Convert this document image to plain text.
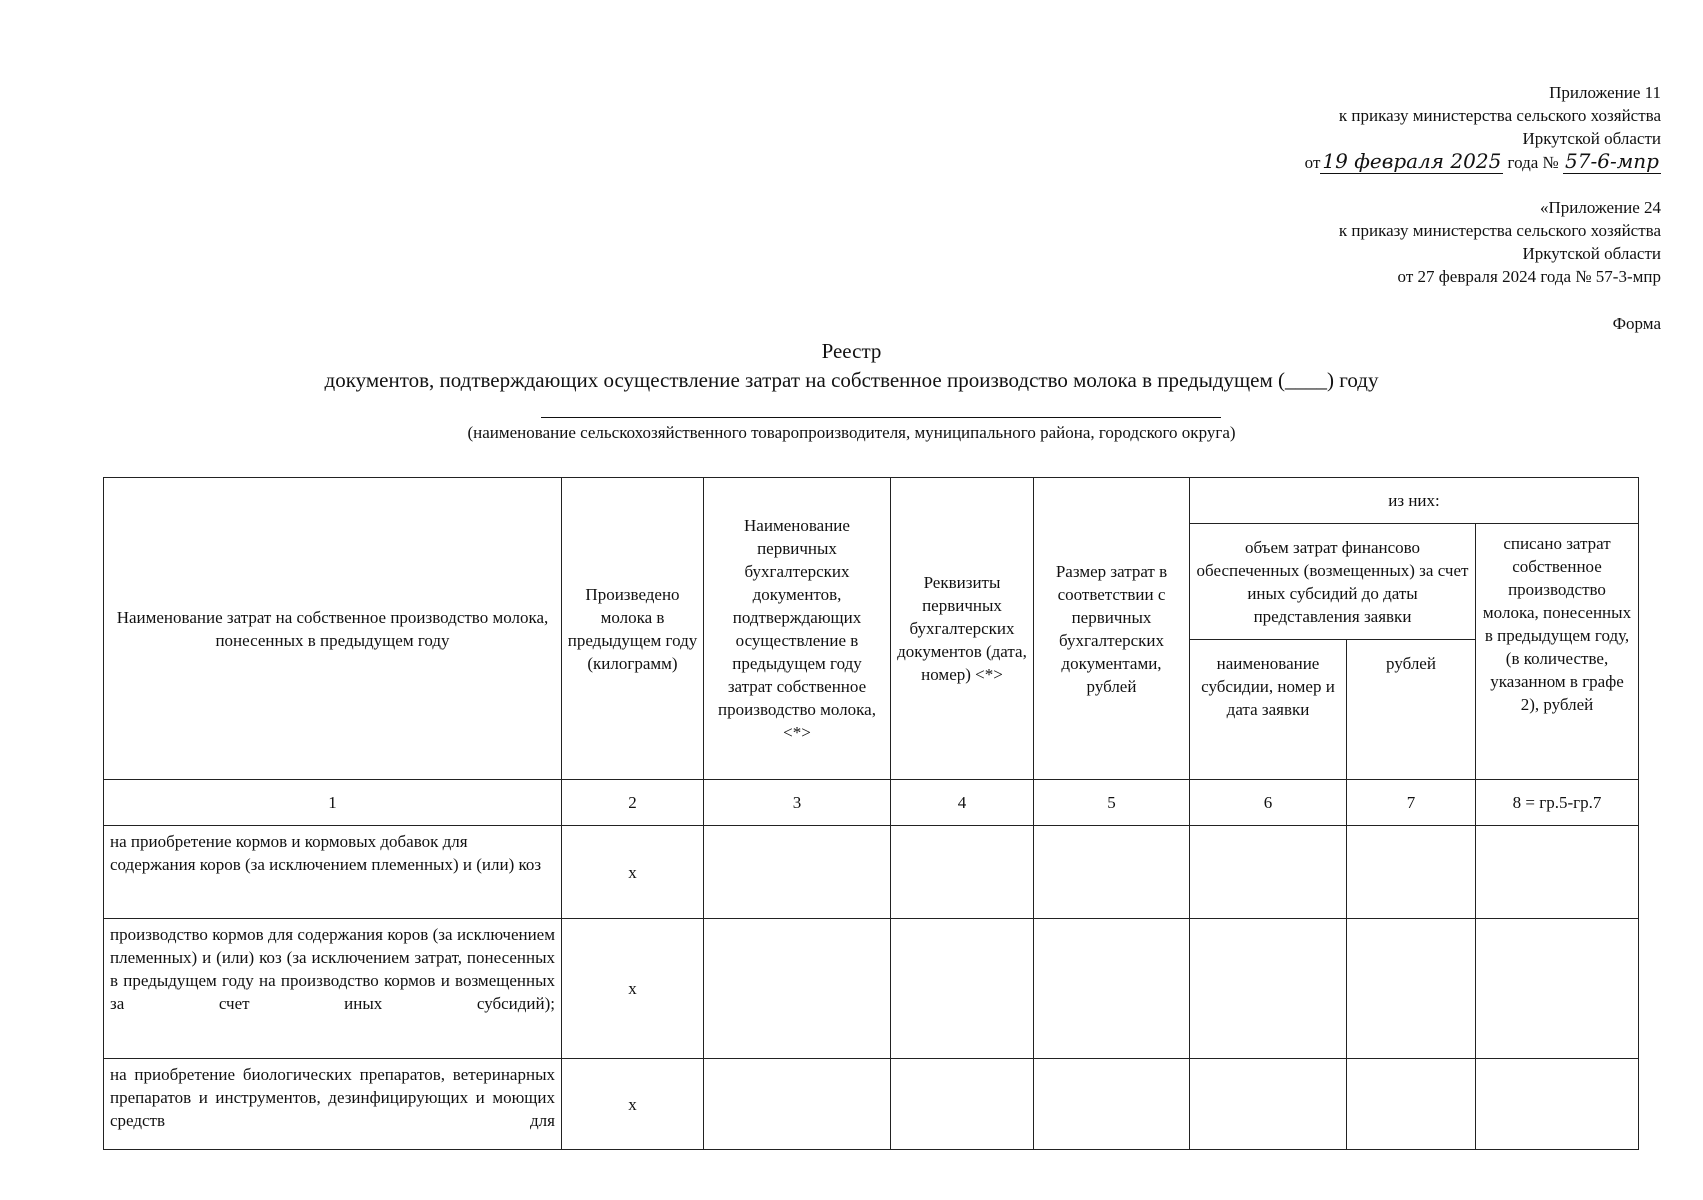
Приложение 11
к приказу министерства сельского хозяйства
Иркутской области
от 19 февраля 2025 года № 57-6-мпр
«Приложение 24
к приказу министерства сельского хозяйства
Иркутской области
от 27 февраля 2024 года № 57-3-мпр
Форма
Реестр
документов, подтверждающих осуществление затрат на собственное производство молока в предыдущем (____) году
(наименование сельскохозяйственного товаропроизводителя, муниципального района, городского округа)
Наименование затрат на собственное производство молока, понесенных в предыдущем году	Произведено молока в предыдущем году (килограмм)	Наименование первичных бухгалтерских документов, подтверждающих осуществление в предыдущем году затрат собственное производство молока,<*>	Реквизиты первичных бухгалтерских документов (дата, номер) <*>	Размер затрат в соответствии с первичных бухгалтерских документами, рублей	из них:		
					объем затрат финансово обеспеченных (возмещенных) за счет иных субсидий до даты представления заявки		списано затрат собственное производство молока, понесенных в предыдущем году, (в количестве, указанном в графе 2), рублей
					наименование субсидии, номер и дата заявки	рублей	
1	2	3	4	5	6	7	8 = гр.5-гр.7
на приобретение кормов и кормовых добавок для содержания коров (за исключением племенных) и (или) коз	х						
производство кормов для содержания коров (за исключением племенных) и (или) коз (за исключением затрат, понесенных в предыдущем году на производство кормов и возмещенных за счет иных субсидий);	х						
на приобретение биологических препаратов, ветеринарных препаратов и инструментов, дезинфицирующих и моющих средств для	х						
